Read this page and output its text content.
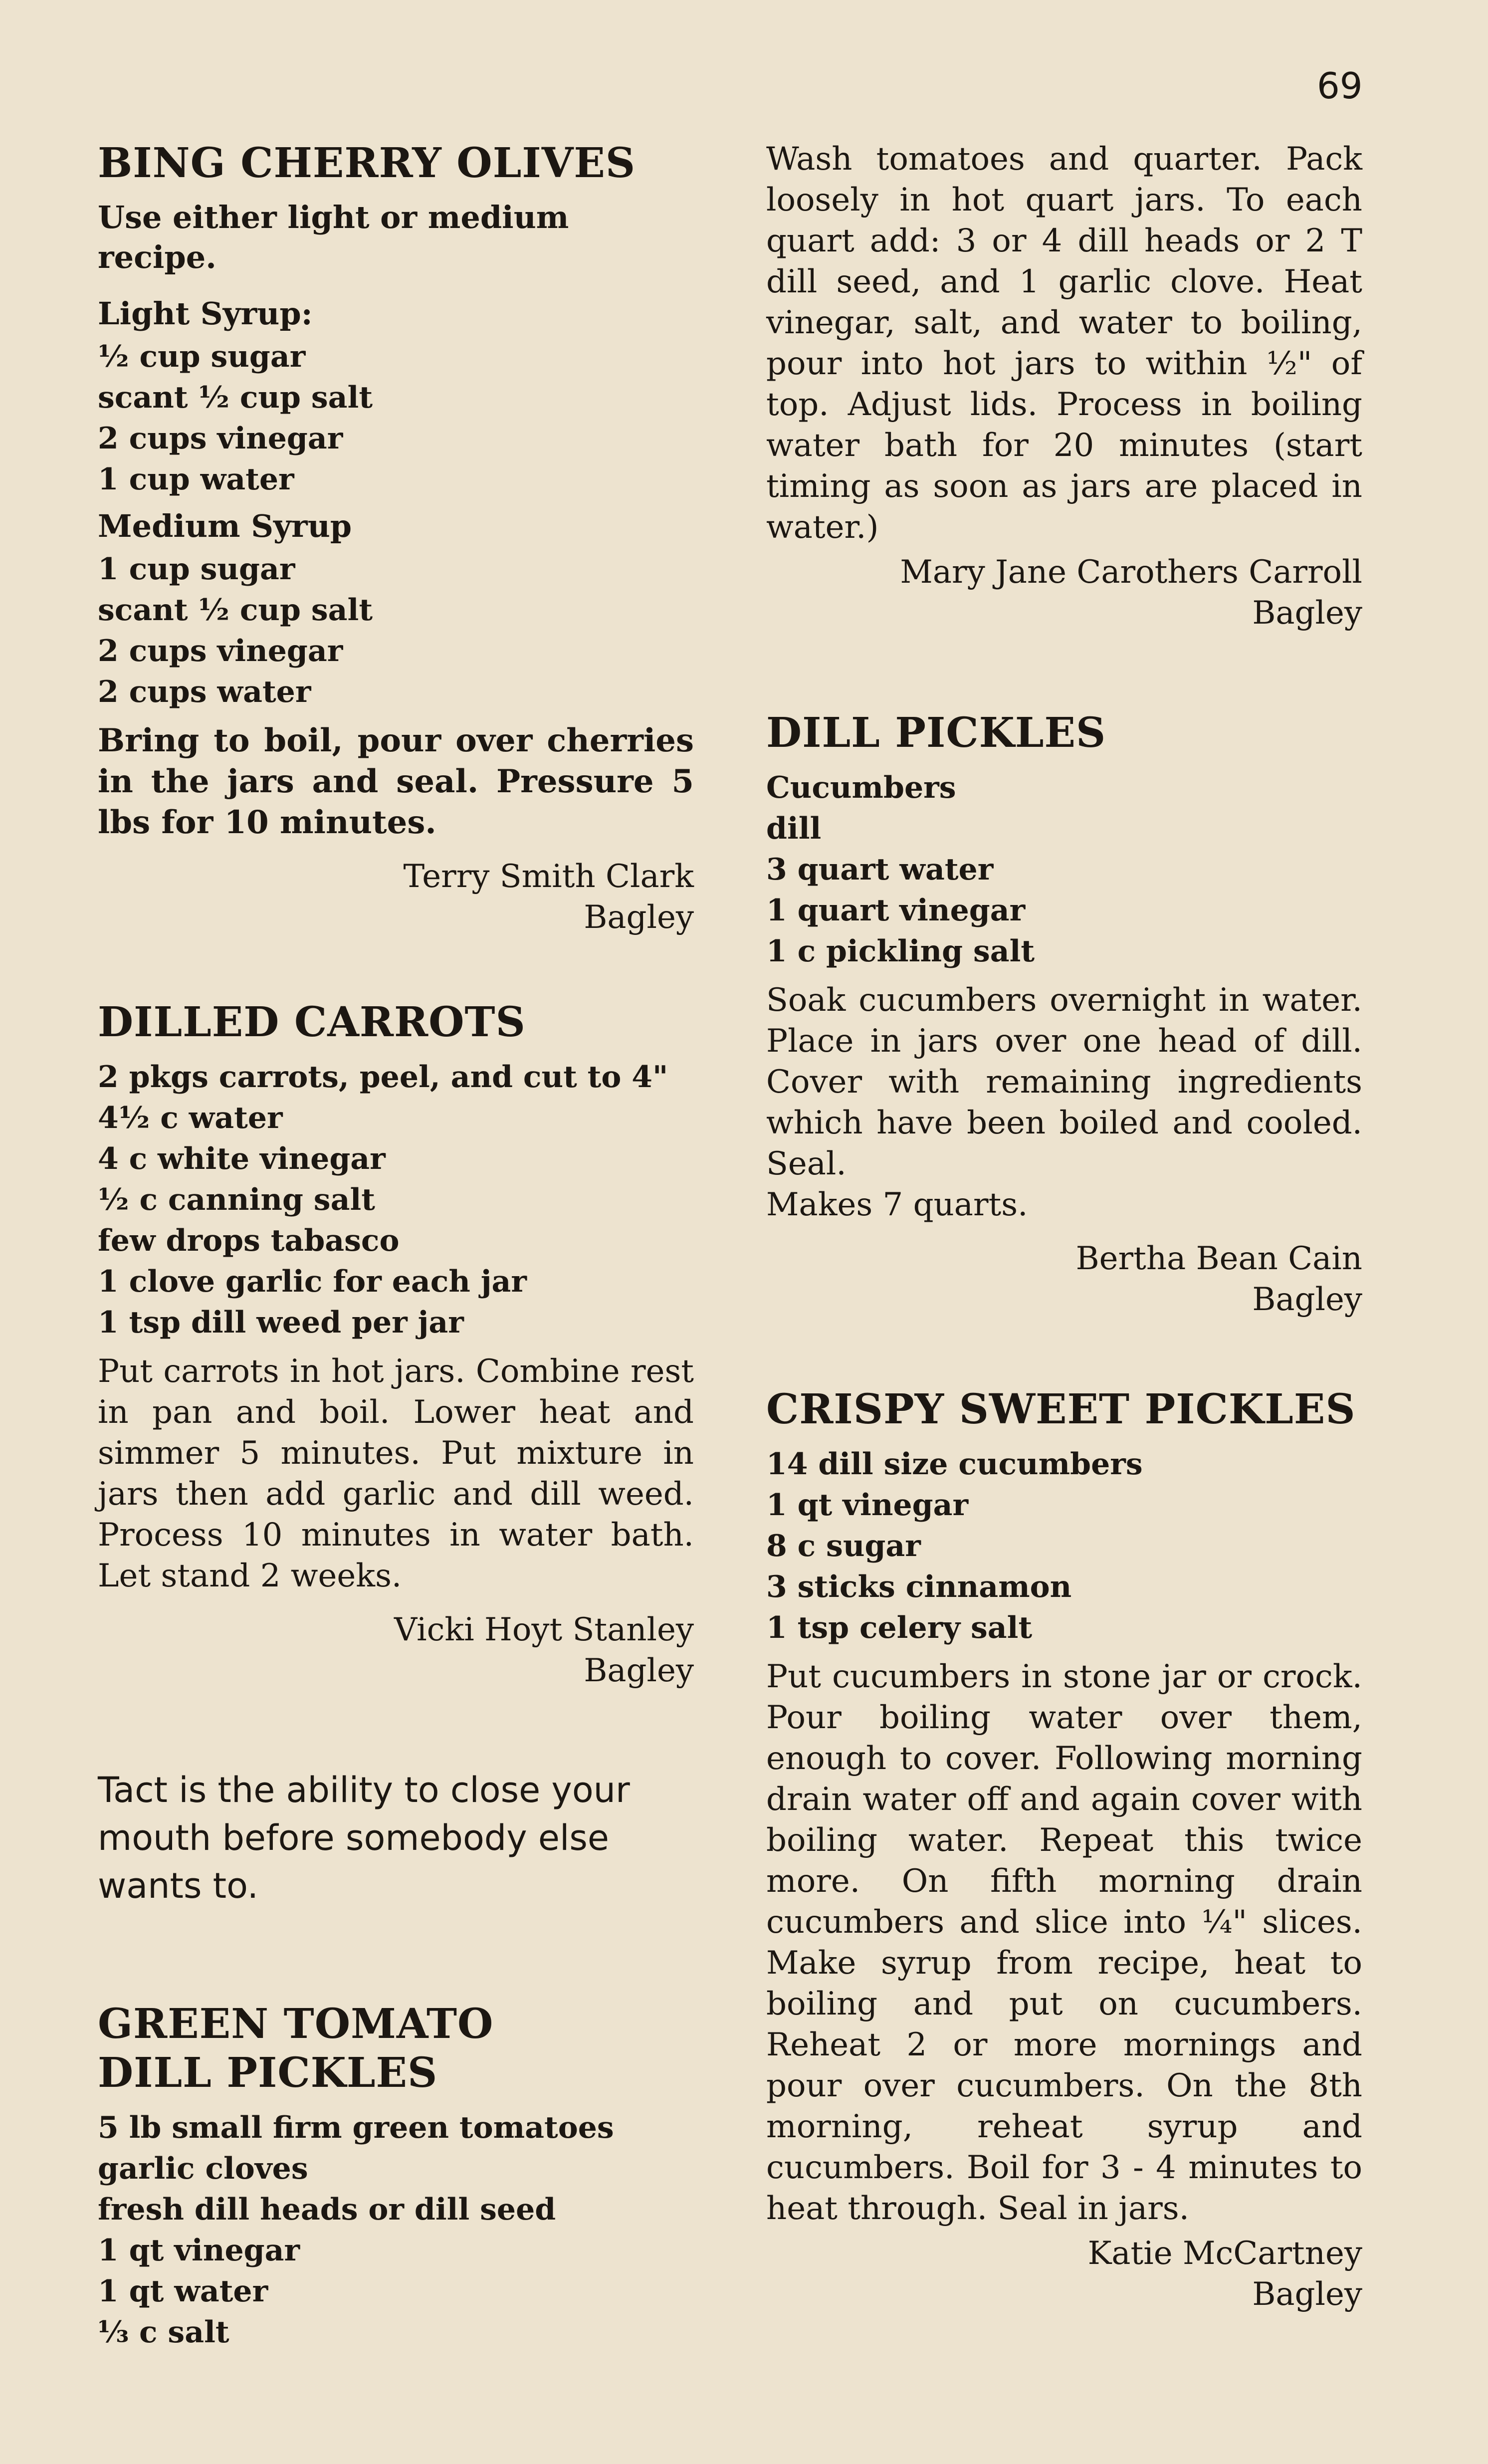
69
BING CHERRY OLIVES
Use either light or medium recipe.
Light Syrup:
½ cup sugar
scant ½ cup salt
2 cups vinegar
1 cup water
Medium Syrup
1 cup sugar
scant ½ cup salt
2 cups vinegar
2 cups water

Bring to boil, pour over cherries in the jars and seal. Pressure 5 lbs for 10 minutes.

Terry Smith Clark
Bagley
DILLED CARROTS
2 pkgs carrots, peel, and cut to 4"
4½ c water
4 c white vinegar
½ c canning salt
few drops tabasco
1 clove garlic for each jar
1 tsp dill weed per jar

Put carrots in hot jars. Combine rest in pan and boil. Lower heat and simmer 5 minutes. Put mixture in jars then add garlic and dill weed. Process 10 minutes in water bath. Let stand 2 weeks.

Vicki Hoyt Stanley
Bagley
Tact is the ability to close your mouth before somebody else wants to.
GREEN TOMATO
DILL PICKLES
5 lb small firm green tomatoes
garlic cloves
fresh dill heads or dill seed
1 qt vinegar
1 qt water
⅓ c salt

Wash tomatoes and quarter. Pack loosely in hot quart jars. To each quart add: 3 or 4 dill heads or 2 T dill seed, and 1 garlic clove. Heat vinegar, salt, and water to boiling, pour into hot jars to within ½" of top. Adjust lids. Process in boiling water bath for 20 minutes (start timing as soon as jars are placed in water.)

Mary Jane Carothers Carroll
Bagley
DILL PICKLES
Cucumbers
dill
3 quart water
1 quart vinegar
1 c pickling salt

Soak cucumbers overnight in water. Place in jars over one head of dill. Cover with remaining ingredients which have been boiled and cooled. Seal.

Makes 7 quarts.

Bertha Bean Cain
Bagley
CRISPY SWEET PICKLES
14 dill size cucumbers
1 qt vinegar
8 c sugar
3 sticks cinnamon
1 tsp celery salt

Put cucumbers in stone jar or crock. Pour boiling water over them, enough to cover. Following morning drain water off and again cover with boiling water. Repeat this twice more. On fifth morning drain cucumbers and slice into ¼" slices. Make syrup from recipe, heat to boiling and put on cucumbers. Reheat 2 or more mornings and pour over cucumbers. On the 8th morning, reheat syrup and cucumbers. Boil for 3 - 4 minutes to heat through. Seal in jars.

Katie McCartney
Bagley
